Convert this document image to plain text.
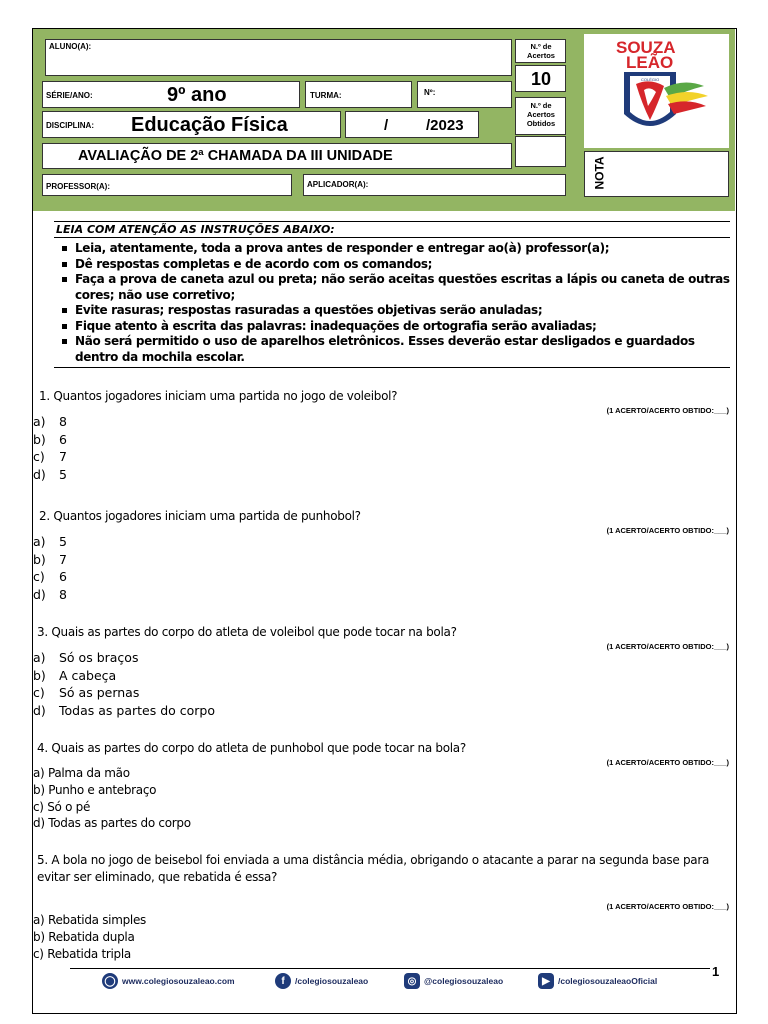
ALUNO(A):	N.º de Acertos
10
SÉRIE/ANO:	9º ano	TURMA:	Nº:
N.º de Acertos Obtidos
DISCIPLINA: Educação Física	/	/2023
AVALIAÇÃO DE 2ª CHAMADA DA III UNIDADE
PROFESSOR(A):	APLICADOR(A):
SOUZA
LEÃO
COLÉGIO
NOTA
LEIA COM ATENÇÃO AS INSTRUÇÕES ABAIXO:
Leia, atentamente, toda a prova antes de responder e entregar ao(à) professor(a);
Dê respostas completas e de acordo com os comandos;
Faça a prova de caneta azul ou preta; não serão aceitas questões escritas a lápis ou caneta de outras cores; não use corretivo;
Evite rasuras; respostas rasuradas a questões objetivas serão anuladas;
Fique atento à escrita das palavras: inadequações de ortografia serão avaliadas;
Não será permitido o uso de aparelhos eletrônicos. Esses deverão estar desligados e guardados dentro da mochila escolar.
1. Quantos jogadores iniciam uma partida no jogo de voleibol?
(1 ACERTO/ACERTO OBTIDO:___)
a) 8
b) 6
c) 7
d) 5
2. Quantos jogadores iniciam uma partida de punhobol?
(1 ACERTO/ACERTO OBTIDO:___)
a) 5
b) 7
c) 6
d) 8
3. Quais as partes do corpo do atleta de voleibol que pode tocar na bola?
(1 ACERTO/ACERTO OBTIDO:___)
a) Só os braços
b) A cabeça
c) Só as pernas
d) Todas as partes do corpo
4. Quais as partes do corpo do atleta de punhobol que pode tocar na bola?
(1 ACERTO/ACERTO OBTIDO:___)
a) Palma da mão
b) Punho e antebraço
c) Só o pé
d) Todas as partes do corpo
5. A bola no jogo de beisebol foi enviada a uma distância média, obrigando o atacante a parar na segunda base para evitar ser eliminado, que rebatida é essa?
(1 ACERTO/ACERTO OBTIDO:___)
a) Rebatida simples
b) Rebatida dupla
c) Rebatida tripla
1
◯ www.colegiosouzaleao.com	f	/colegiosouzaleao	◎ @colegiosouzaleao	▶ /colegiosouzaleaoOficial
